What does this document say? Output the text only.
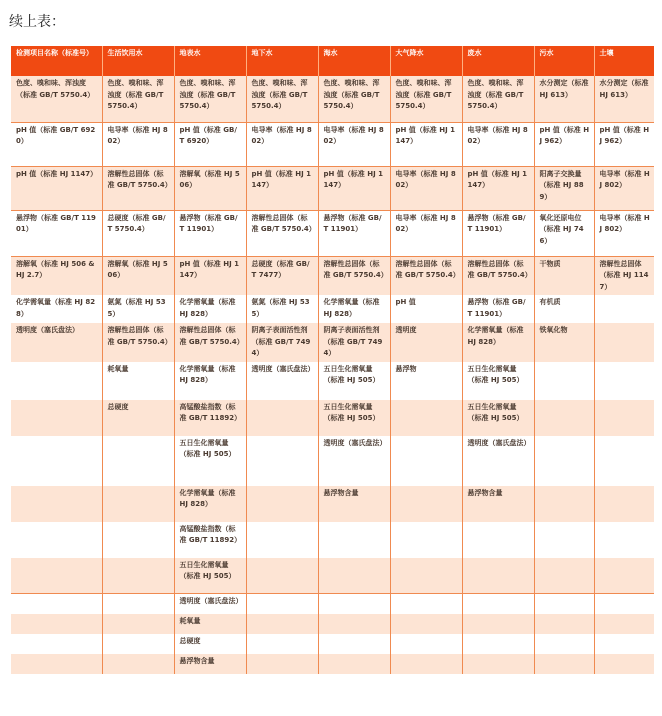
续上表：
检测项目名称（标准号）	生活饮用水	地表水	地下水	海水	大气降水	废水	污水	土壤
色度、嗅和味、浑浊度（标准 GB/T 5750.4）	色度、嗅和味、浑浊度（标准 GB/T 5750.4）	色度、嗅和味、浑浊度（标准 GB/T 5750.4）	色度、嗅和味、浑浊度（标准 GB/T 5750.4）	色度、嗅和味、浑浊度（标准 GB/T 5750.4）	色度、嗅和味、浑浊度（标准 GB/T 5750.4）	色度、嗅和味、浑浊度（标准 GB/T 5750.4）	水分测定（标准 HJ 613）	水分测定（标准 HJ 613）
pH 值（标准 GB/T 6920）	电导率（标准 HJ 802）	pH 值（标准 GB/T 6920）	电导率（标准 HJ 802）	电导率（标准 HJ 802）	pH 值（标准 HJ 1147）	电导率（标准 HJ 802）	pH 值（标准 HJ 962）	pH 值（标准 HJ 962）
pH 值（标准 HJ 1147）	溶解性总固体（标准 GB/T 5750.4）	溶解氧（标准 HJ 506）	pH 值（标准 HJ 1147）	pH 值（标准 HJ 1147）	电导率（标准 HJ 802）	pH 值（标准 HJ 1147）	阳离子交换量（标准 HJ 889）	电导率（标准 HJ 802）
悬浮物（标准 GB/T 11901）	总硬度（标准 GB/T 5750.4）	悬浮物（标准 GB/T 11901）	溶解性总固体（标准 GB/T 5750.4）	悬浮物（标准 GB/T 11901）	电导率（标准 HJ 802）	悬浮物（标准 GB/T 11901）	氧化还原电位（标准 HJ 746）	电导率（标准 HJ 802）
溶解氧（标准 HJ 506 & HJ 2.7）	溶解氧（标准 HJ 506）	pH 值（标准 HJ 1147）	总硬度（标准 GB/T 7477）	溶解性总固体（标准 GB/T 5750.4）	溶解性总固体（标准 GB/T 5750.4）	溶解性总固体（标准 GB/T 5750.4）	干物质	溶解性总固体（标准 HJ 1147）
化学需氧量（标准 HJ 828）	氨氮（标准 HJ 535）	化学需氧量（标准 HJ 828）	氨氮（标准 HJ 535）	化学需氧量（标准 HJ 828）	pH 值	悬浮物（标准 GB/T 11901）	有机质	
透明度（塞氏盘法）	溶解性总固体（标准 GB/T 5750.4）	溶解性总固体（标准 GB/T 5750.4）	阴离子表面活性剂（标准 GB/T 7494）	阴离子表面活性剂（标准 GB/T 7494）	透明度	化学需氧量（标准 HJ 828）	铁氧化物	
	耗氧量	化学需氧量（标准 HJ 828）	透明度（塞氏盘法）	五日生化需氧量（标准 HJ 505）	悬浮物	五日生化需氧量（标准 HJ 505）		
	总硬度	高锰酸盐指数（标准 GB/T 11892）		五日生化需氧量（标准 HJ 505）		五日生化需氧量（标准 HJ 505）		
		五日生化需氧量（标准 HJ 505）		透明度（塞氏盘法）		透明度（塞氏盘法）		
		化学需氧量（标准 HJ 828）		悬浮物含量		悬浮物含量		
		高锰酸盐指数（标准 GB/T 11892）						
		五日生化需氧量（标准 HJ 505）						
		透明度（塞氏盘法）						
		耗氧量						
		总硬度						
		悬浮物含量						
